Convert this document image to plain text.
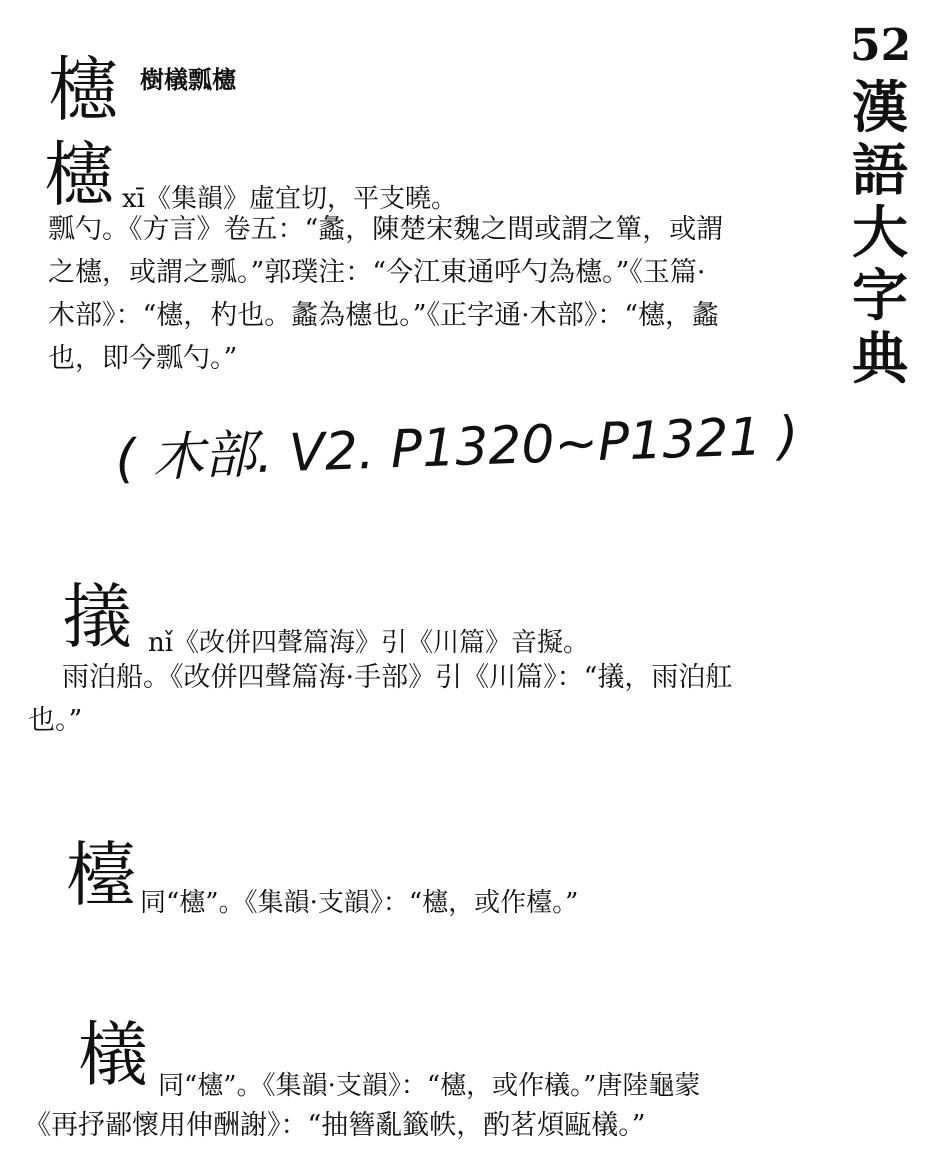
52
漢
語
大
字
典
櫶 樹檥瓢櫶
櫶 xī《集韻》虛宜切，平支曉。
瓢勺。《方言》卷五：“蠡，陳楚宋魏之間或謂之簞，或謂
之櫶，或謂之瓢。”郭璞注：“今江東通呼勺為櫶。”《玉篇·
木部》：“櫶，杓也。蠡為櫶也。”《正字通·木部》：“櫶，蠡
也，即今瓢勺。”
( 木部. V2. P1320~P1321 )
㩘 nǐ《改併四聲篇海》引《川篇》音擬。
雨泊船。《改併四聲篇海·手部》引《川篇》：“㩘，雨泊舡
也。”
檯 同“櫶”。《集韻·支韻》：“櫶，或作檯。”
檥 同“櫶”。《集韻·支韻》：“櫶，或作檥。”唐陸龜蒙
《再抒鄙懷用伸酬謝》：“抽簪亂籤帙，酌茗煩甌檥。”
